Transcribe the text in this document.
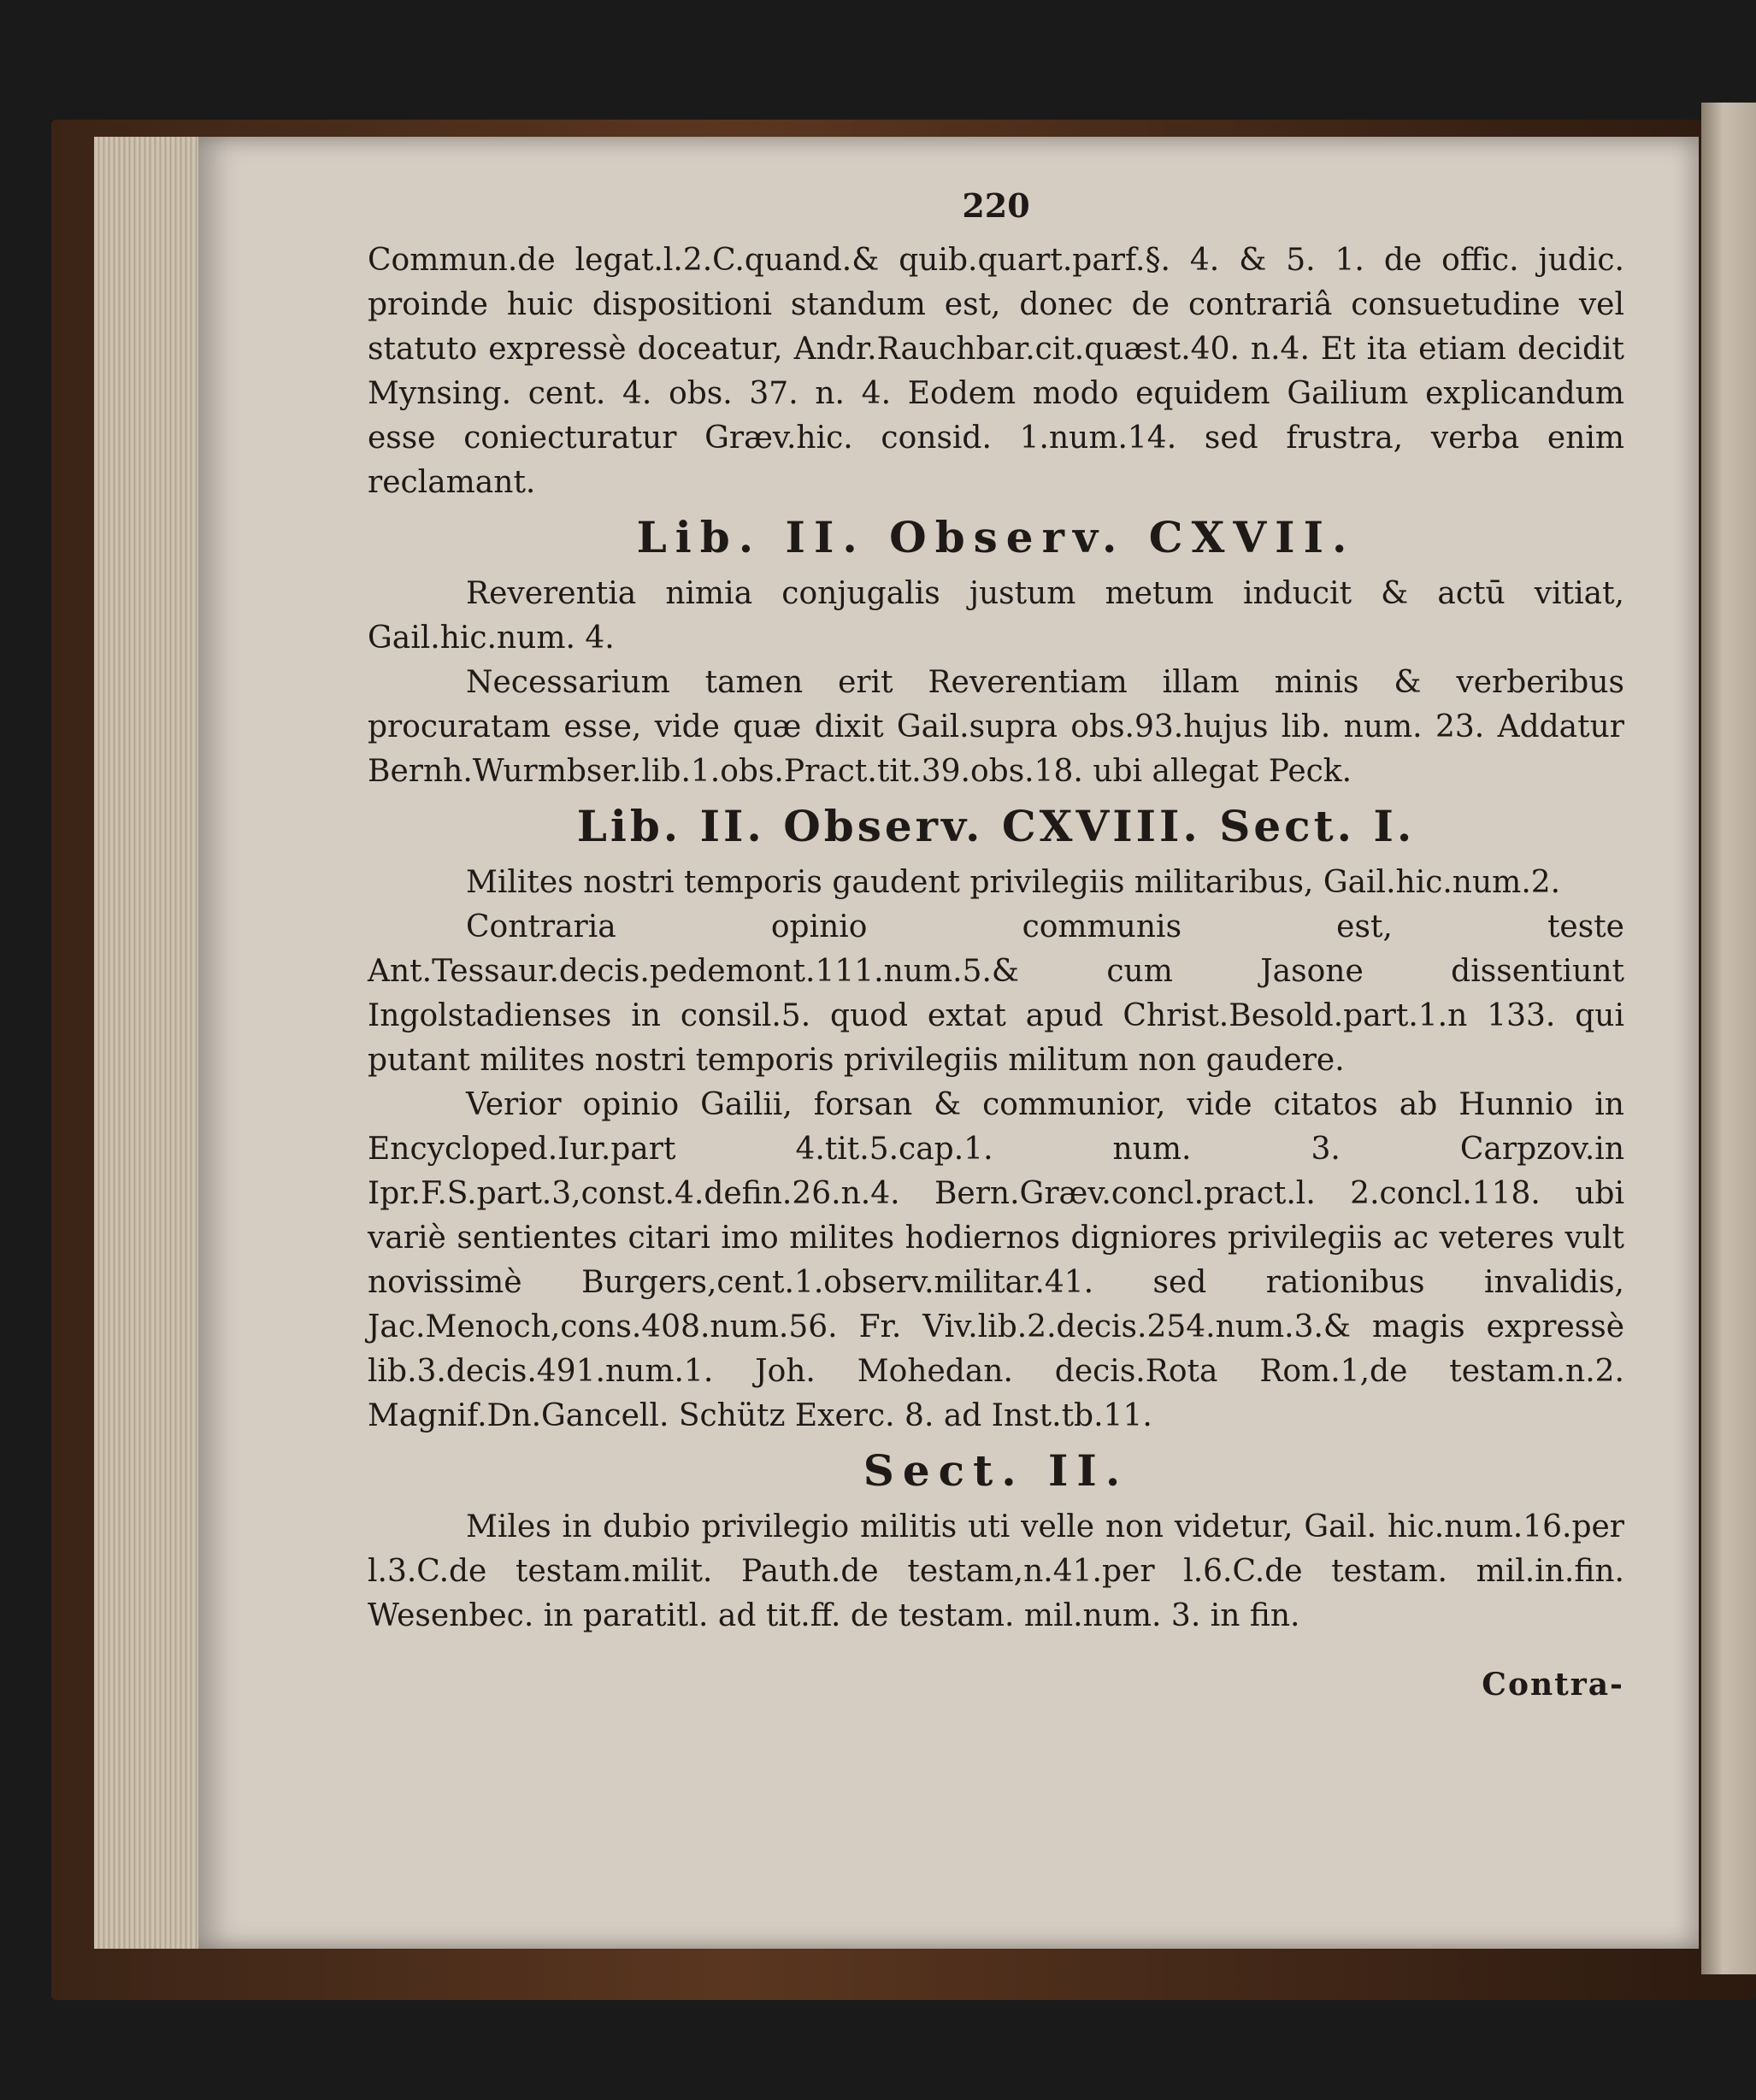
220

Commun.de legat.l.2.C.quand.& quib.quart.parf.§. 4. & 5. 1. de offic. judic. proinde huic dispositioni standum est, donec de contrariâ consuetudine vel statuto expressè doceatur, Andr.Rauchbar.cit.quæst.40. n.4. Et ita etiam decidit Mynsing. cent. 4. obs. 37. n. 4. Eodem modo equidem Gailium explicandum esse coniecturatur Græv.hic. consid. 1.num.14. sed frustra, verba enim reclamant.

Lib. II. Observ. CXVII.

Reverentia nimia conjugalis justum metum inducit & actū vitiat, Gail.hic.num. 4.

Necessarium tamen erit Reverentiam illam minis & verberibus procuratam esse, vide quæ dixit Gail.supra obs.93.hujus lib. num. 23. Addatur Bernh.Wurmbser.lib.1.obs.Pract.tit.39.obs.18. ubi allegat Peck.

Lib. II. Observ. CXVIII. Sect. I.

Milites nostri temporis gaudent privilegiis militaribus, Gail.hic.num.2.

Contraria opinio communis est, teste Ant.Tessaur.decis.pedemont.111.num.5.& cum Jasone dissentiunt Ingolstadienses in consil.5. quod extat apud Christ.Besold.part.1.n 133. qui putant milites nostri temporis privilegiis militum non gaudere.

Verior opinio Gailii, forsan & communior, vide citatos ab Hunnio in Encycloped.Iur.part 4.tit.5.cap.1. num. 3. Carpzov.in Ipr.F.S.part.3,const.4.defin.26.n.4. Bern.Græv.concl.pract.l. 2.concl.118. ubi variè sentientes citari imo milites hodiernos digniores privilegiis ac veteres vult novissimè Burgers,cent.1.observ.militar.41. sed rationibus invalidis, Jac.Menoch,cons.408.num.56. Fr. Viv.lib.2.decis.254.num.3.& magis expressè lib.3.decis.491.num.1. Joh. Mohedan. decis.Rota Rom.1,de testam.n.2. Magnif.Dn.Gancell. Schütz Exerc. 8. ad Inst.tb.11.

Sect. II.

Miles in dubio privilegio militis uti velle non videtur, Gail. hic.num.16.per l.3.C.de testam.milit. Pauth.de testam,n.41.per l.6.C.de testam. mil.in.fin. Wesenbec. in paratitl. ad tit.ff. de testam. mil.num. 3. in fin.

Contra-
